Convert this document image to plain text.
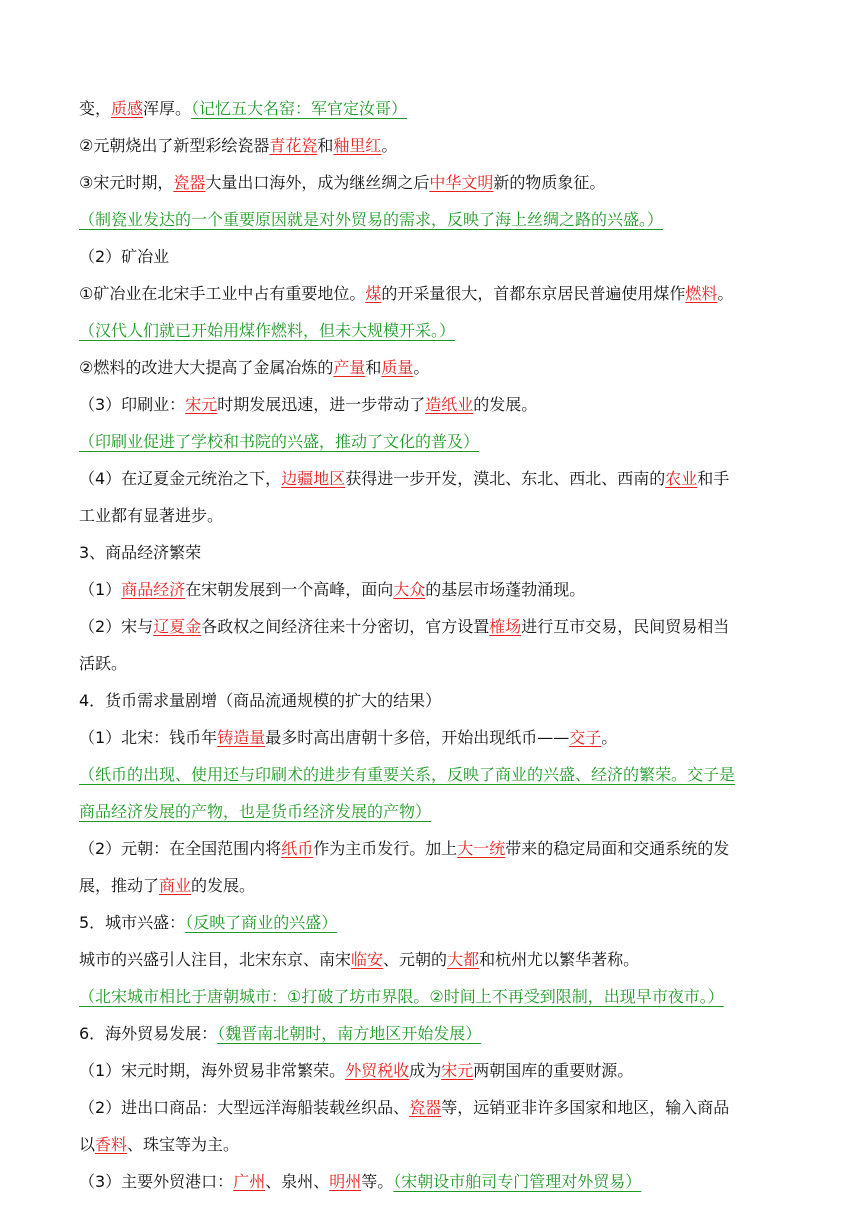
变，质感浑厚。（记忆五大名窑：军官定汝哥）
②元朝烧出了新型彩绘瓷器青花瓷和釉里红。
③宋元时期，瓷器大量出口海外，成为继丝绸之后中华文明新的物质象征。
（制瓷业发达的一个重要原因就是对外贸易的需求，反映了海上丝绸之路的兴盛。）
（2）矿冶业
①矿冶业在北宋手工业中占有重要地位。煤的开采量很大，首都东京居民普遍使用煤作燃料。
（汉代人们就已开始用煤作燃料，但未大规模开采。）
②燃料的改进大大提高了金属冶炼的产量和质量。
（3）印刷业：宋元时期发展迅速，进一步带动了造纸业的发展。
（印刷业促进了学校和书院的兴盛，推动了文化的普及）
（4）在辽夏金元统治之下，边疆地区获得进一步开发，漠北、东北、西北、西南的农业和手
工业都有显著进步。
3、商品经济繁荣
（1）商品经济在宋朝发展到一个高峰，面向大众的基层市场蓬勃涌现。
（2）宋与辽夏金各政权之间经济往来十分密切，官方设置榷场进行互市交易，民间贸易相当
活跃。
4．货币需求量剧增（商品流通规模的扩大的结果）
（1）北宋：钱币年铸造量最多时高出唐朝十多倍，开始出现纸币——交子。
（纸币的出现、使用还与印刷术的进步有重要关系，反映了商业的兴盛、经济的繁荣。交子是
商品经济发展的产物，也是货币经济发展的产物）
（2）元朝：在全国范围内将纸币作为主币发行。加上大一统带来的稳定局面和交通系统的发
展，推动了商业的发展。
5．城市兴盛：（反映了商业的兴盛）
城市的兴盛引人注目，北宋东京、南宋临安、元朝的大都和杭州尤以繁华著称。
（北宋城市相比于唐朝城市：①打破了坊市界限。②时间上不再受到限制，出现早市夜市。）
6．海外贸易发展：（魏晋南北朝时，南方地区开始发展）
（1）宋元时期，海外贸易非常繁荣。外贸税收成为宋元两朝国库的重要财源。
（2）进出口商品：大型远洋海船装载丝织品、瓷器等，远销亚非许多国家和地区，输入商品
以香料、珠宝等为主。
（3）主要外贸港口：广州、泉州、明州等。（宋朝设市舶司专门管理对外贸易）
